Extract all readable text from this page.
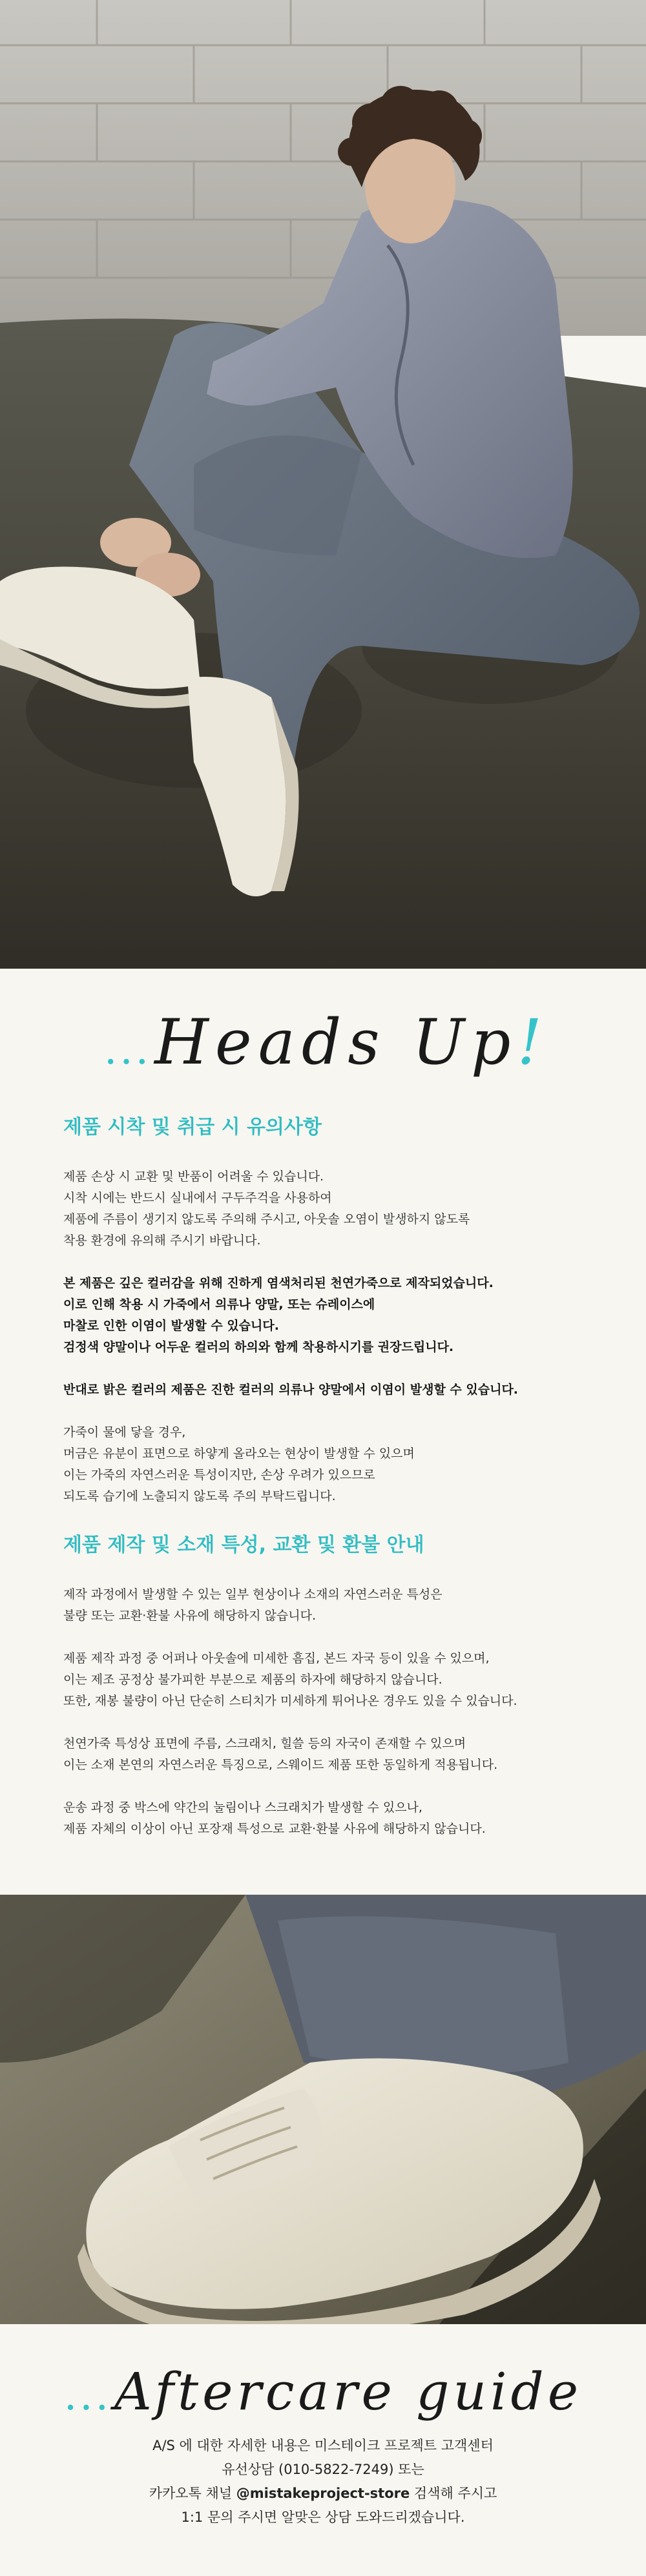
... Heads Up!
제품 시착 및 취급 시 유의사항
제품 손상 시 교환 및 반품이 어려울 수 있습니다.
시착 시에는 반드시 실내에서 구두주걱을 사용하여
제품에 주름이 생기지 않도록 주의해 주시고, 아웃솔 오염이 발생하지 않도록
착용 환경에 유의해 주시기 바랍니다.
본 제품은 깊은 컬러감을 위해 진하게 염색처리된 천연가죽으로 제작되었습니다.
이로 인해 착용 시 가죽에서 의류나 양말, 또는 슈레이스에
마찰로 인한 이염이 발생할 수 있습니다.
검정색 양말이나 어두운 컬러의 하의와 함께 착용하시기를 권장드립니다.
반대로 밝은 컬러의 제품은 진한 컬러의 의류나 양말에서 이염이 발생할 수 있습니다.
가죽이 물에 닿을 경우,
머금은 유분이 표면으로 하얗게 올라오는 현상이 발생할 수 있으며
이는 가죽의 자연스러운 특성이지만, 손상 우려가 있으므로
되도록 습기에 노출되지 않도록 주의 부탁드립니다.
제품 제작 및 소재 특성, 교환 및 환불 안내
제작 과정에서 발생할 수 있는 일부 현상이나 소재의 자연스러운 특성은
불량 또는 교환·환불 사유에 해당하지 않습니다.
제품 제작 과정 중 어퍼나 아웃솔에 미세한 흠집, 본드 자국 등이 있을 수 있으며,
이는 제조 공정상 불가피한 부분으로 제품의 하자에 해당하지 않습니다.
또한, 재봉 불량이 아닌 단순히 스티치가 미세하게 튀어나온 경우도 있을 수 있습니다.
천연가죽 특성상 표면에 주름, 스크래치, 힐쓸 등의 자국이 존재할 수 있으며
이는 소재 본연의 자연스러운 특징으로, 스웨이드 제품 또한 동일하게 적용됩니다.
운송 과정 중 박스에 약간의 눌림이나 스크래치가 발생할 수 있으나,
제품 자체의 이상이 아닌 포장재 특성으로 교환·환불 사유에 해당하지 않습니다.
... Aftercare guide
A/S 에 대한 자세한 내용은 미스테이크 프로젝트 고객센터
유선상담 (010-5822-7249) 또는
카카오톡 채널 @mistakeproject-store 검색해 주시고
1:1 문의 주시면 알맞은 상담 도와드리겠습니다.
